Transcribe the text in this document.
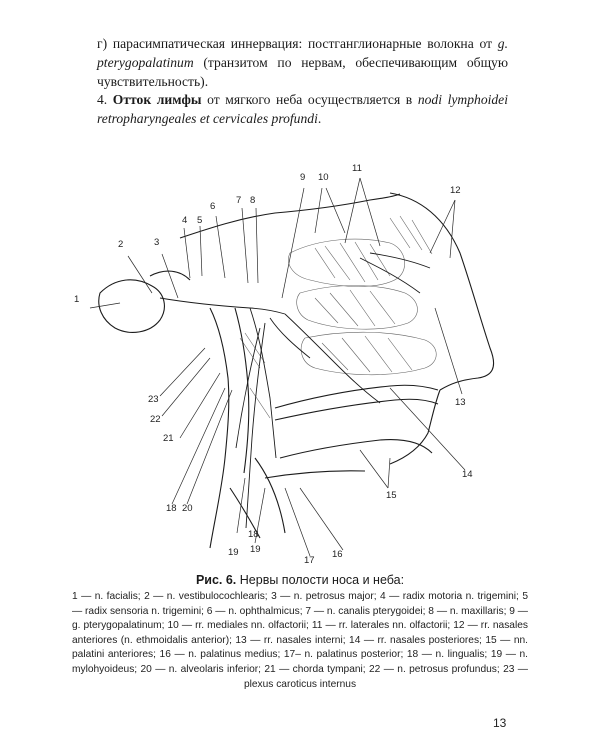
г) парасимпатическая иннервация: постганглионарные волокна от g. pterygopalatinum (транзитом по нервам, обеспечивающим общую чувствительность).
4. Отток лимфы от мягкого неба осуществляется в nodi lymphoidei retropharyngeales et cervicales profundi.
1
2	3
4 5
6
7 8
9 10
11
12
13
14
15
16
17
18
19
20
21
22
23
19
18
Рис. 6. Нервы полости носа и неба:
1 — n. facialis; 2 — n. vestibulocochlearis; 3 — n. petrosus major; 4 — radix motoria n. trigemini; 5 — radix sensoria n. trigemini; 6 — n. ophthalmicus; 7 — n. canalis pterygoidei; 8 — n. maxillaris; 9 — g. pterygopalatinum; 10 — rr. mediales nn. olfactorii; 11 — rr. laterales nn. olfactorii; 12 — rr. nasales anteriores (n. ethmoidalis anterior); 13 — rr. nasales interni; 14 — rr. nasales posteriores; 15 — nn. palatini anteriores; 16 — n. palatinus medius; 17– n. palatinus posterior; 18 — n. lingualis; 19 — n. mylohyoideus; 20 — n. alveolaris inferior; 21 — chorda tympani; 22 — n. petrosus profundus; 23 — plexus caroticus internus
13
